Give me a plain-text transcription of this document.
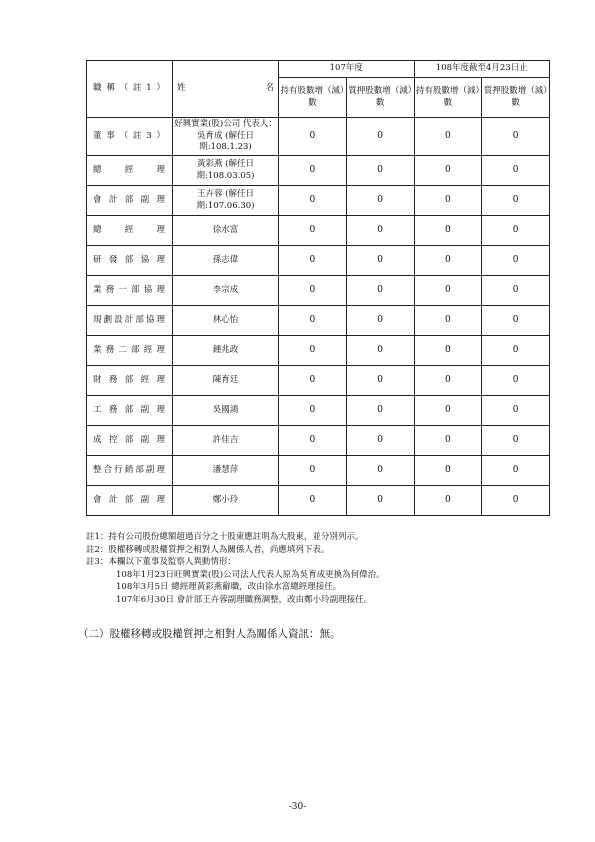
職稱（註1）	姓 名	107年度		108年度截至4月23日止	
		持有股數增（減）數	質押股數增（減）數	持有股數增（減）數	質押股數增（減）數
董事（註3）	好興實業(股)公司 代表人：吳育成 (解任日期:108.1.23)	0	0	0	0
總經理	黃彩燕 (解任日期:108.03.05)	0	0	0	0
會計部副理	王卉蓉 (解任日期:107.06.30)	0	0	0	0
總經理	徐水富	0	0	0	0
研發部協理	孫志偉	0	0	0	0
業務一部協理	李宗成	0	0	0	0
規劃設計部協理	林心怡	0	0	0	0
業務二部經理	鍾兆政	0	0	0	0
財務部經理	陳育廷	0	0	0	0
工務部副理	吳國鴻	0	0	0	0
成控部副理	許佳吉	0	0	0	0
整合行銷部副理	潘慧萍	0	0	0	0
會計部副理	鄭小玲	0	0	0	0
註1：持有公司股份總額超過百分之十股東應註明為大股東，並分別列示。
註2：股權移轉或股權質押之相對人為關係人者，尚應填列下表。
註3：本欄以下董事及監察人異動情形：
108年1月23日旺興實業(股)公司法人代表人原為吳育成更換為何偉治。
108年3月5日 總經理黃彩燕辭職，改由徐水富總經理接任。
107年6月30日 會計部王卉蓉副理職務調整，改由鄭小玲副理接任。
（二）股權移轉或股權質押之相對人為關係人資訊：無。
-30-
